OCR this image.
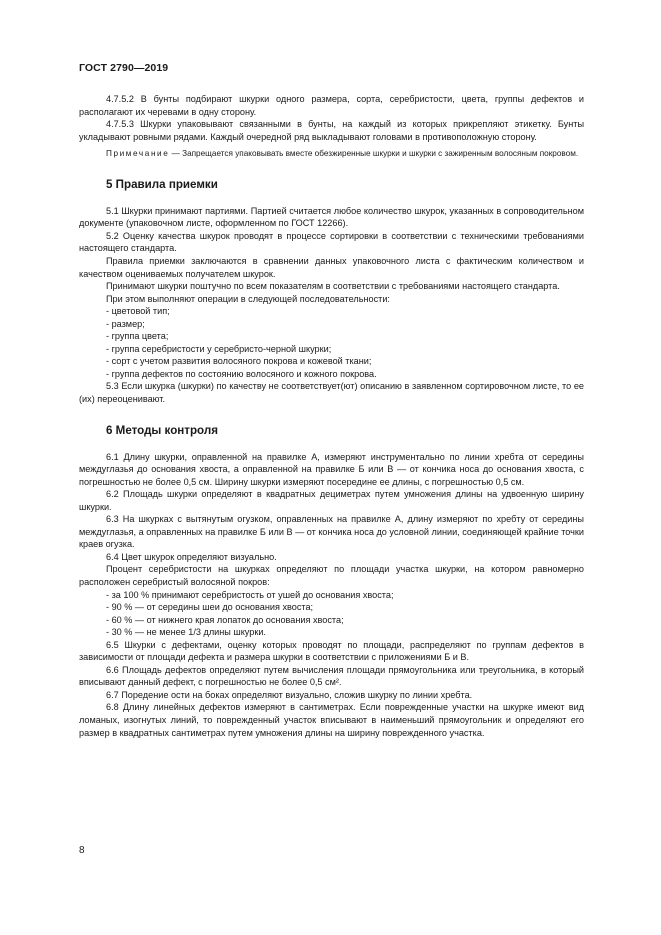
ГОСТ 2790—2019

4.7.5.2 В бунты подбирают шкурки одного размера, сорта, серебристости, цвета, группы дефектов и располагают их черевами в одну сторону.

4.7.5.3 Шкурки упаковывают связанными в бунты, на каждый из которых прикрепляют этикетку. Бунты укладывают ровными рядами. Каждый очередной ряд выкладывают головами в противоположную сторону.

Примечание — Запрещается упаковывать вместе обезжиренные шкурки и шкурки с зажиренным волосяным покровом.

5 Правила приемки

5.1 Шкурки принимают партиями. Партией считается любое количество шкурок, указанных в сопроводительном документе (упаковочном листе, оформленном по ГОСТ 12266).

5.2 Оценку качества шкурок проводят в процессе сортировки в соответствии с техническими требованиями настоящего стандарта.

Правила приемки заключаются в сравнении данных упаковочного листа с фактическим количеством и качеством оцениваемых получателем шкурок.

Принимают шкурки поштучно по всем показателям в соответствии с требованиями настоящего стандарта.

При этом выполняют операции в следующей последовательности:

- цветовой тип;

- размер;

- группа цвета;

- группа серебристости у серебристо-черной шкурки;

- сорт с учетом развития волосяного покрова и кожевой ткани;

- группа дефектов по состоянию волосяного и кожного покрова.

5.3 Если шкурка (шкурки) по качеству не соответствует(ют) описанию в заявленном сортировочном листе, то ее (их) переоценивают.

6 Методы контроля

6.1 Длину шкурки, оправленной на правилке А, измеряют инструментально по линии хребта от середины междуглазья до основания хвоста, а оправленной на правилке Б или В — от кончика носа до основания хвоста, с погрешностью не более 0,5 см. Ширину шкурки измеряют посередине ее длины, с погрешностью 0,5 см.

6.2 Площадь шкурки определяют в квадратных дециметрах путем умножения длины на удвоенную ширину шкурки.

6.3 На шкурках с вытянутым огузком, оправленных на правилке А, длину измеряют по хребту от середины междуглазья, а оправленных на правилке Б или В — от кончика носа до условной линии, соединяющей крайние точки краев огузка.

6.4 Цвет шкурок определяют визуально.

Процент серебристости на шкурках определяют по площади участка шкурки, на котором равномерно расположен серебристый волосяной покров:

- за 100 % принимают серебристость от ушей до основания хвоста;

- 90 % — от середины шеи до основания хвоста;

- 60 % — от нижнего края лопаток до основания хвоста;

- 30 % — не менее 1/3 длины шкурки.

6.5 Шкурки с дефектами, оценку которых проводят по площади, распределяют по группам дефектов в зависимости от площади дефекта и размера шкурки в соответствии с приложениями Б и В.

6.6 Площадь дефектов определяют путем вычисления площади прямоугольника или треугольника, в который вписывают данный дефект, с погрешностью не более 0,5 см².

6.7 Поредение ости на боках определяют визуально, сложив шкурку по линии хребта.

6.8 Длину линейных дефектов измеряют в сантиметрах. Если поврежденные участки на шкурке имеют вид ломаных, изогнутых линий, то поврежденный участок вписывают в наименьший прямоугольник и определяют его размер в квадратных сантиметрах путем умножения длины на ширину поврежденного участка.

8
